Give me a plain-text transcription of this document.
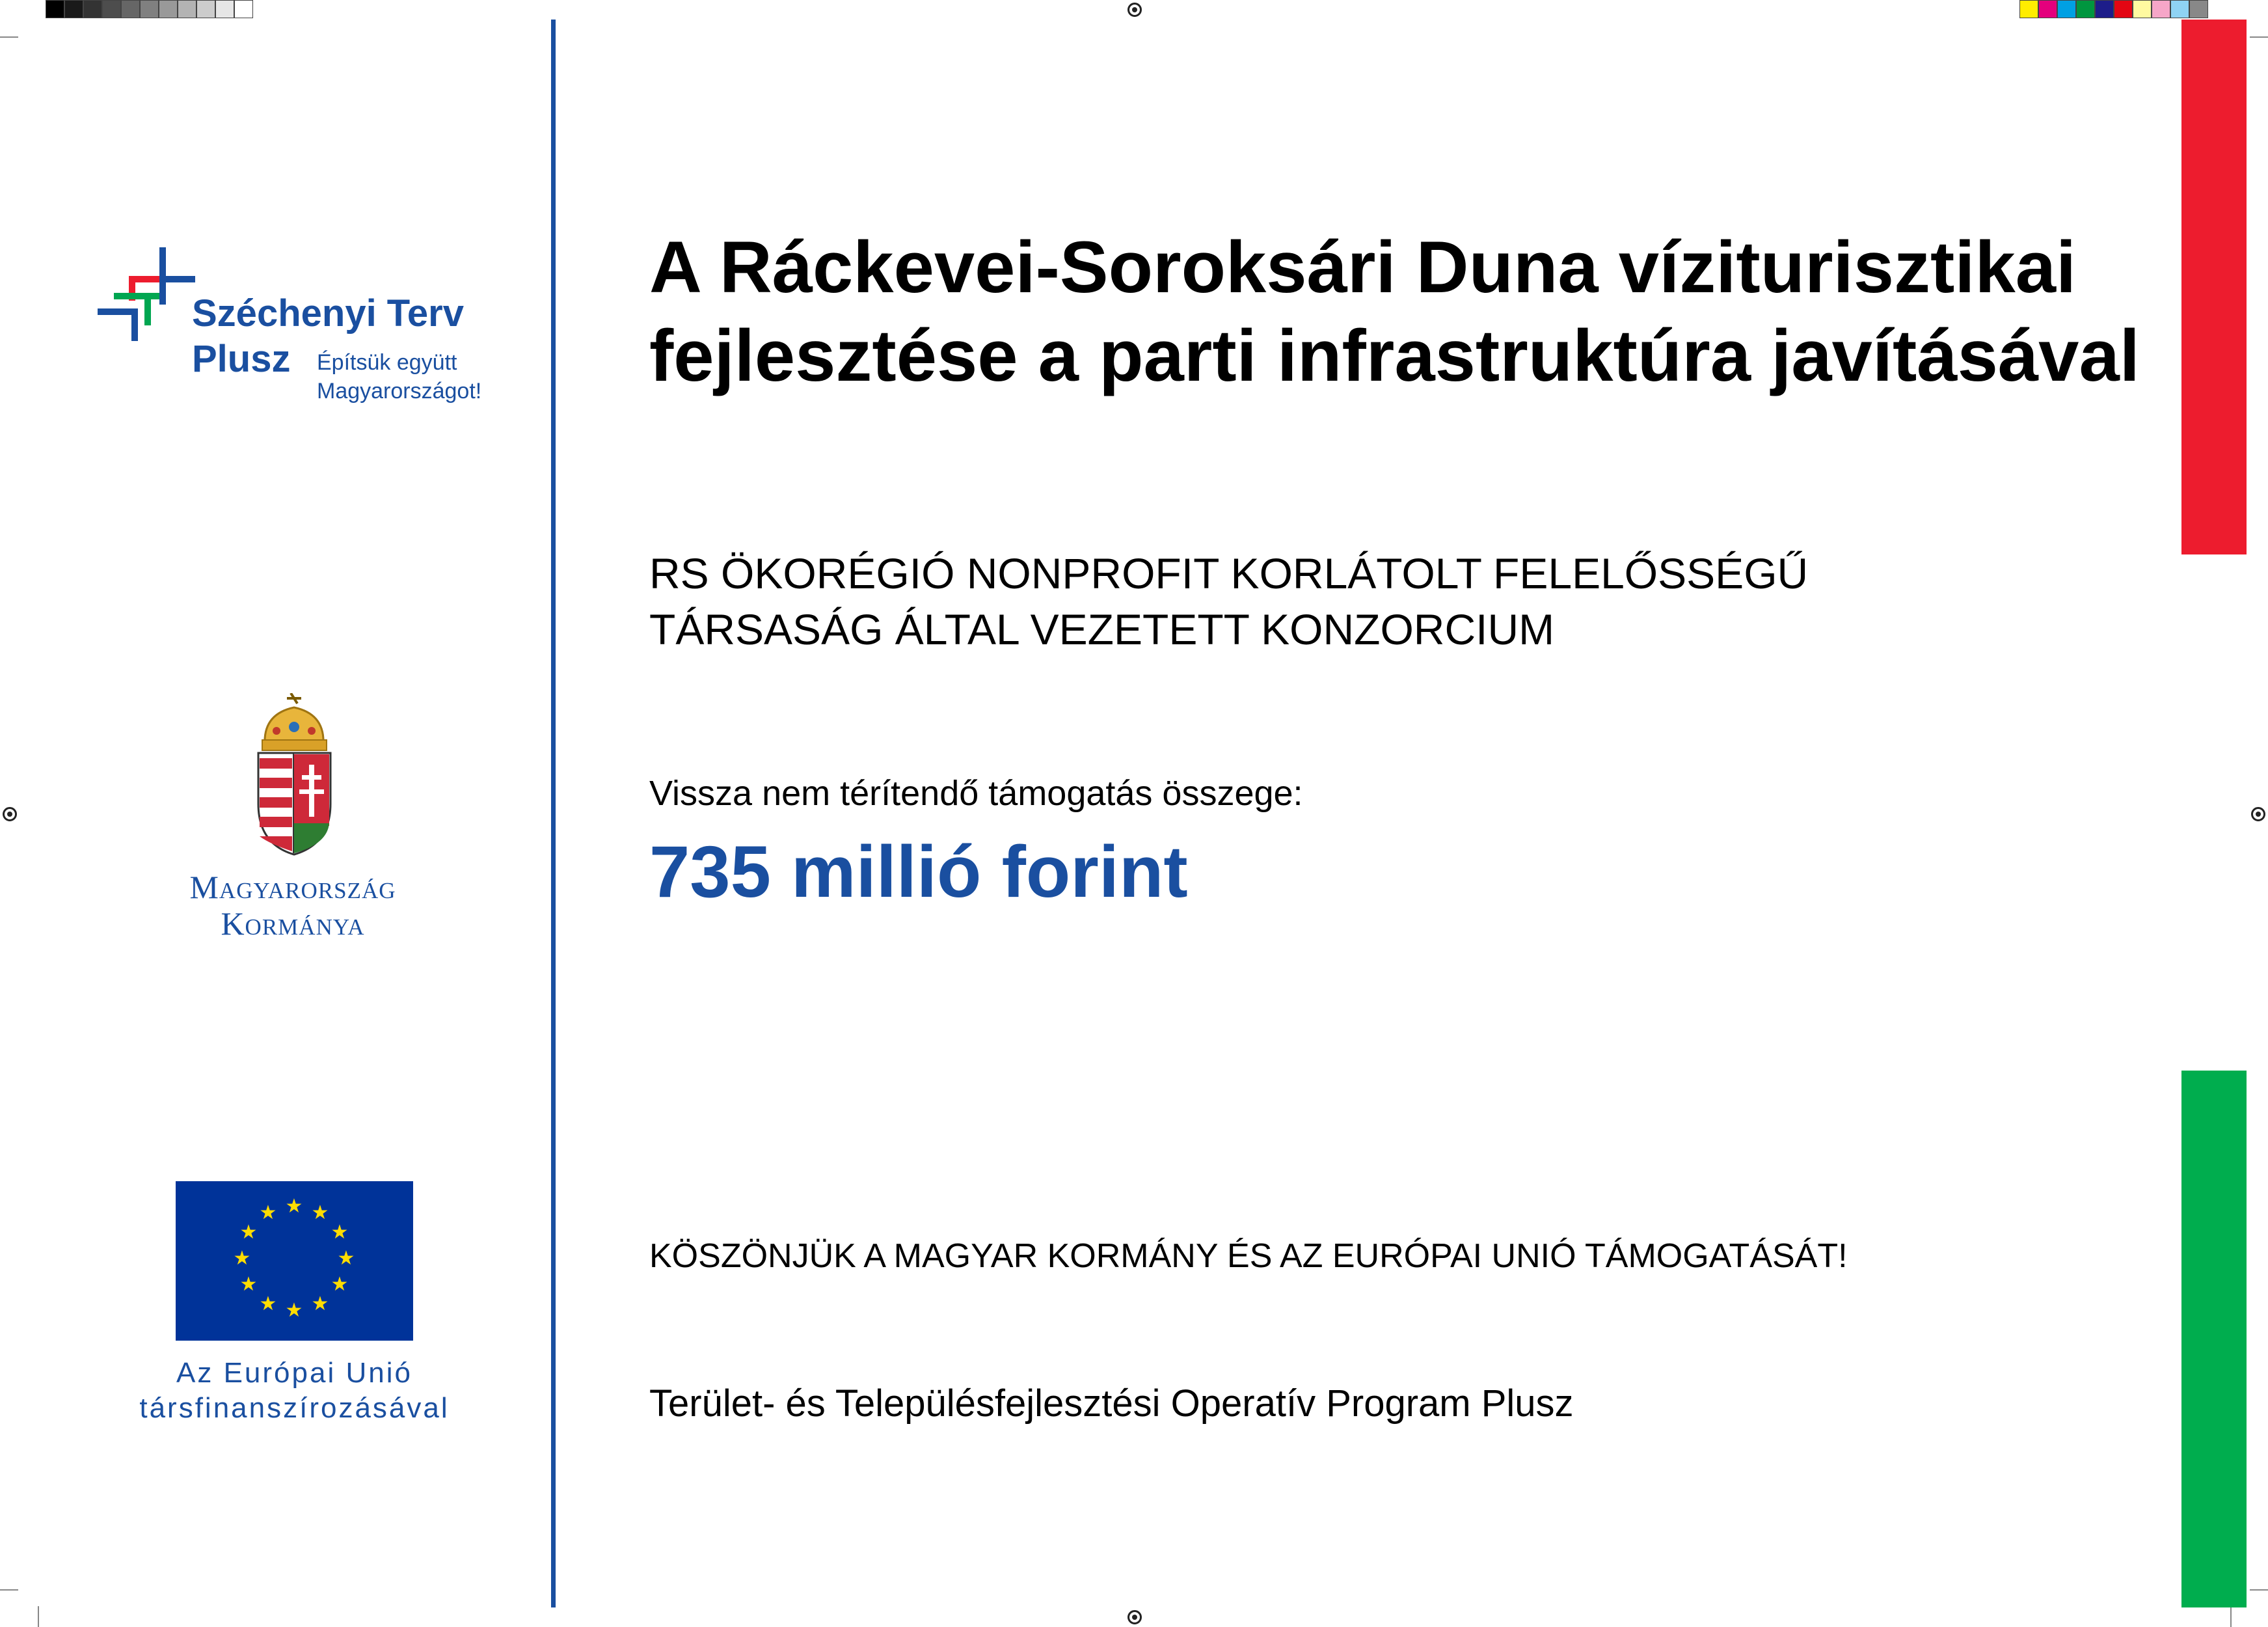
Széchenyi Terv
Plusz Építsük együtt
Magyarországot!
Magyarország
Kormánya
★ ★
★
★
★
★
★
★
★
★
★
★
Az Európai Unió
társfinanszírozásával
A Ráckevei-Soroksári Duna víziturisztikai fejlesztése a parti infrastruktúra javításával
RS ÖKORÉGIÓ NONPROFIT KORLÁTOLT FELELŐSSÉGŰ
TÁRSASÁG ÁLTAL VEZETETT KONZORCIUM
Vissza nem térítendő támogatás összege:
735 millió forint
KÖSZÖNJÜK A MAGYAR KORMÁNY ÉS AZ EURÓPAI UNIÓ TÁMOGATÁSÁT!
Terület- és Településfejlesztési Operatív Program Plusz
